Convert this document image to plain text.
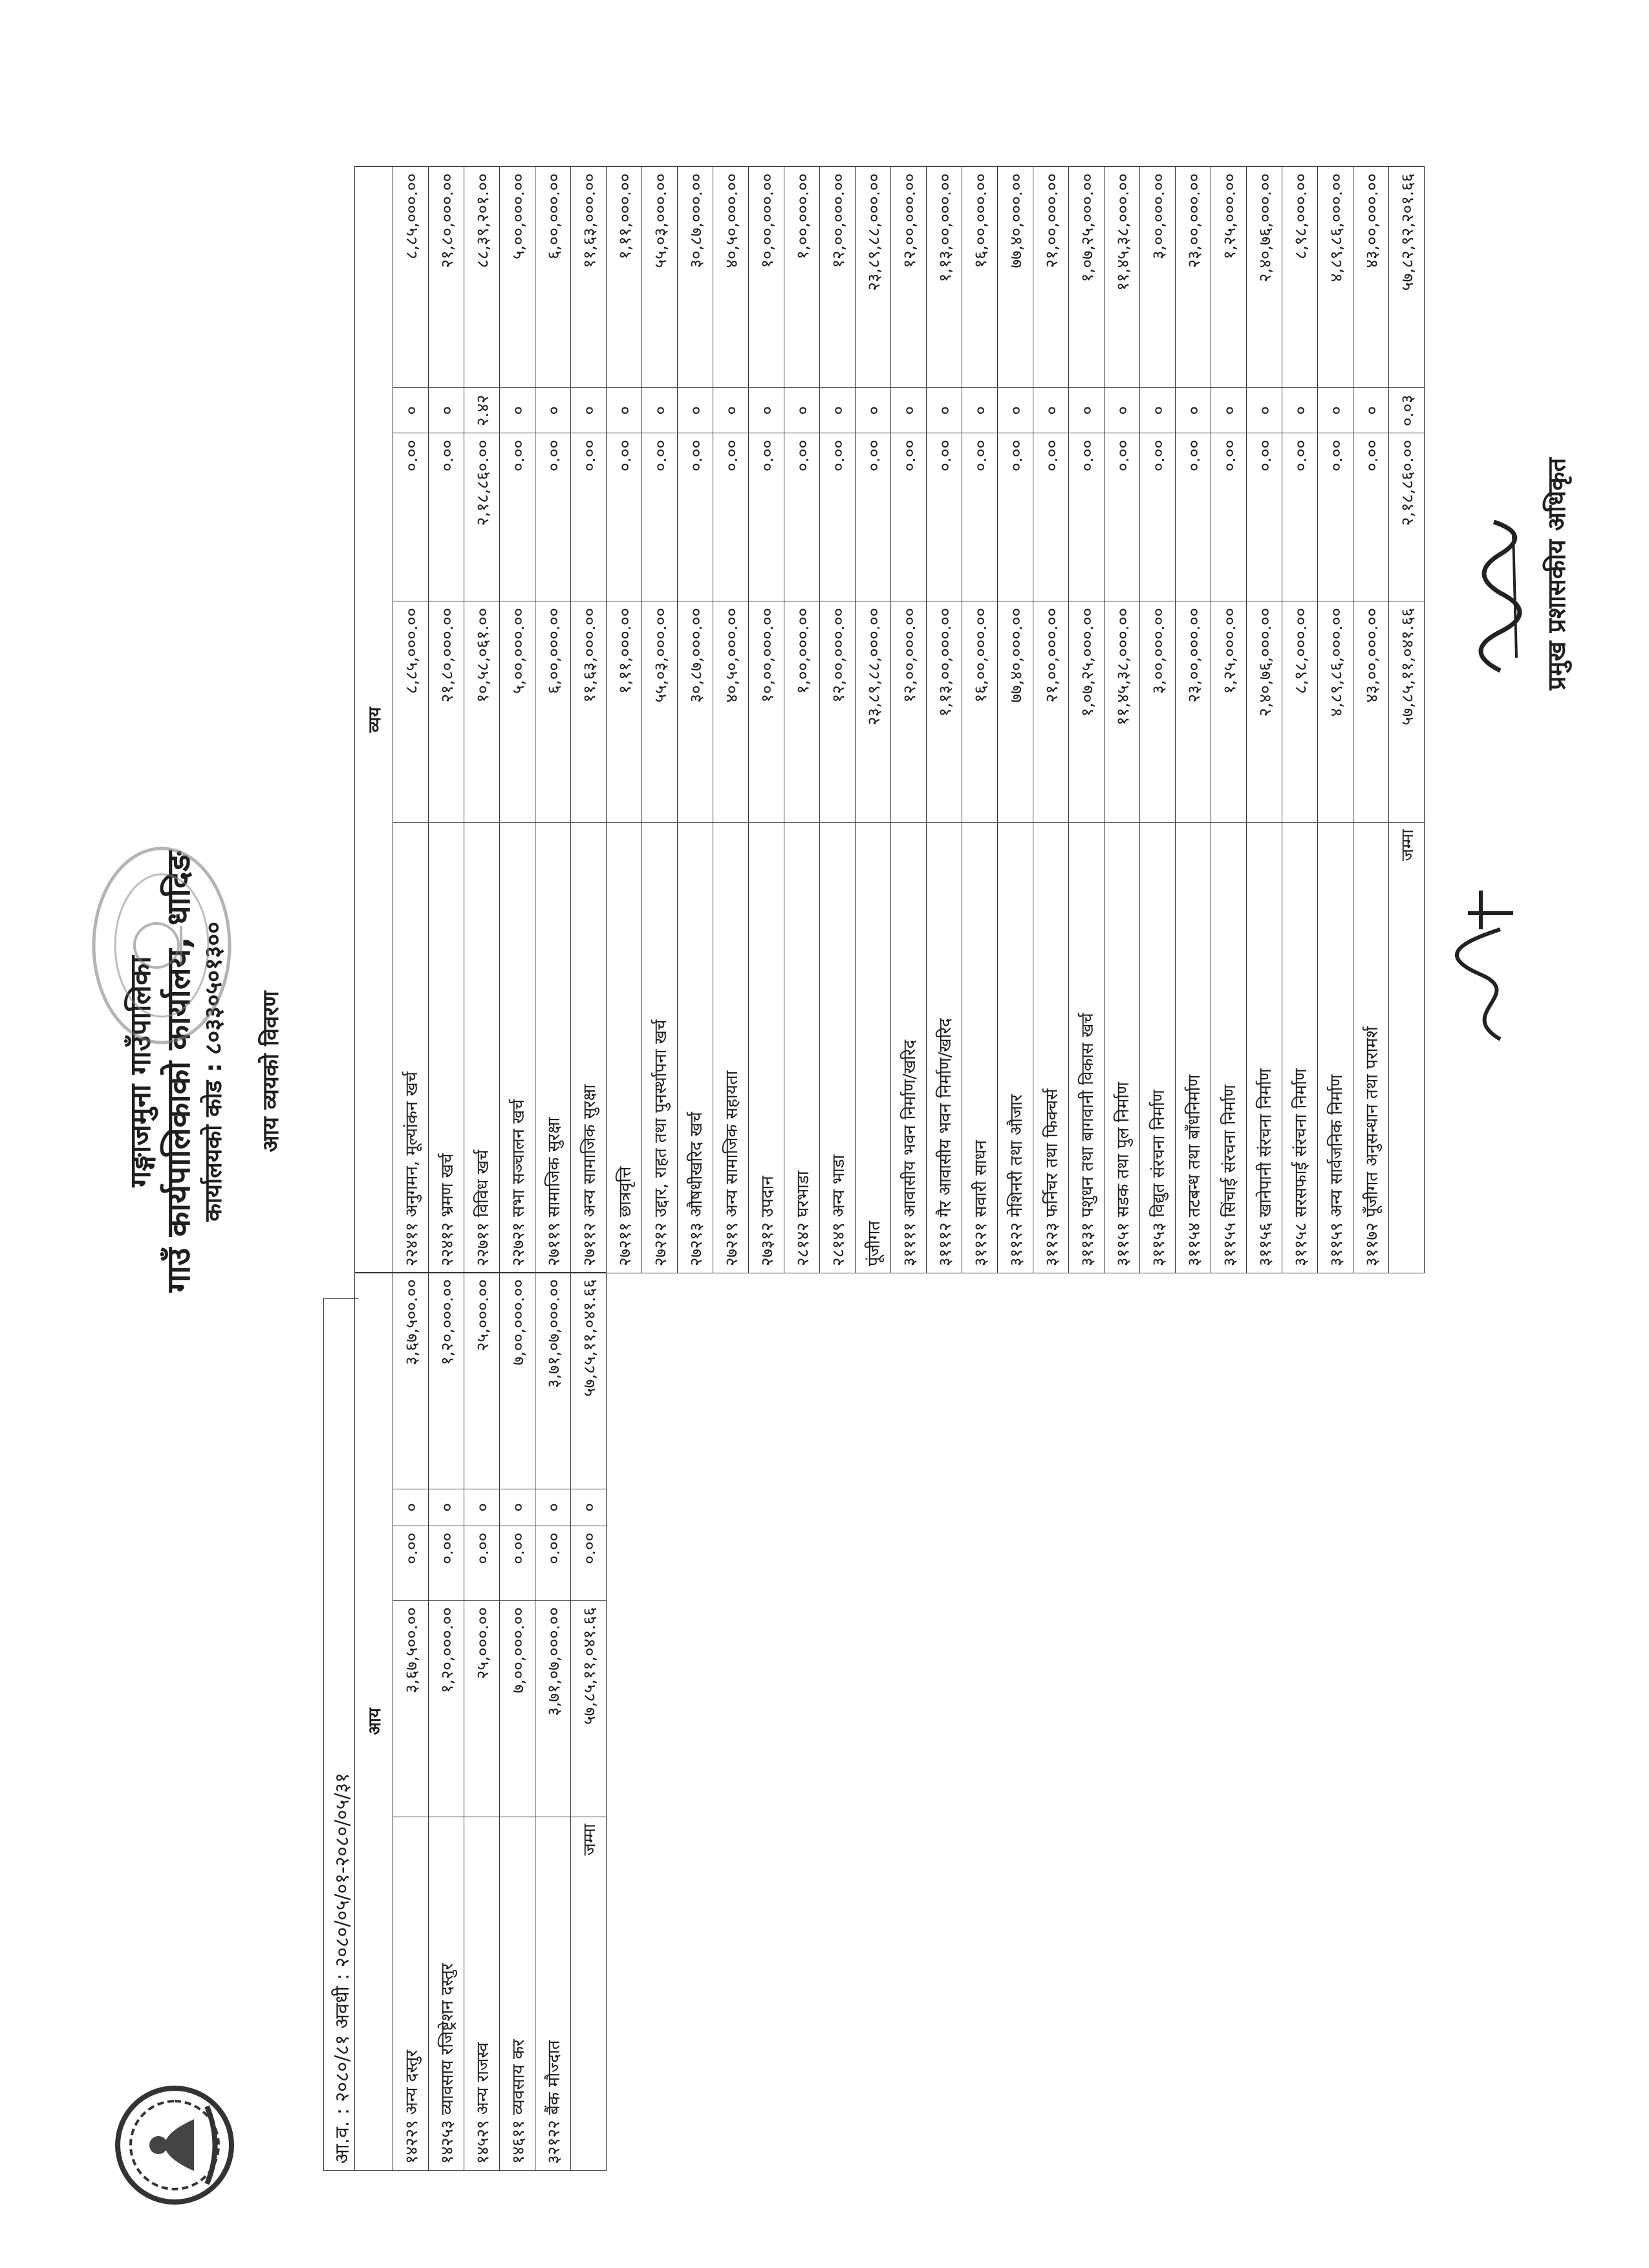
गङ्गाजमुना गाउँपालिका गाउँ कार्यपालिकाको कार्यालय, धादिङ कार्यालयको कोड : ८०३३०५०१३०० आय व्ययको विवरण
आ.व. : २०८०/८१ अवधी : २०८०/०५/०१-२०८०/०५/३१
आय				
१४२२९ अन्य दस्तुर	३,६७,५००.००	०.००	०	३,६७,५००.००
१४२५३ व्यावसाय रजिष्ट्रेशन दस्तुर	१,२०,०००.००	०.००	०	१,२०,०००.००
१४५२९ अन्य राजस्व	२५,०००.००	०.००	०	२५,०००.००
१४६११ व्यवसाय कर	७,००,०००.००	०.००	०	७,००,०००.००
३२१२२ बैंक मौज्दात	३,७१,०७,०००.००	०.००	०	३,७१,०७,०००.००
जम्मा	५७,८५,११,०४१.६६	०.००	०	५७,८५,११,०४१.६६
व्यय				
२२४११ अनुगमन, मूल्यांकन खर्च	८,८५,०००.००	०.००	०	८,८५,०००.००
२२४१२ भ्रमण खर्च	२१,८०,०००.००	०.००	०	२१,८०,०००.००
२२७११ विविध खर्च	१०,५८,०६१.००	२,१८,८६०.००	२.४२	८८,३९,२०१.००
२२७२१ सभा सञ्चालन खर्च	५,००,०००.००	०.००	०	५,००,०००.००
२७११९ सामाजिक सुरक्षा	६,००,०००.००	०.००	०	६,००,०००.००
२७११२ अन्य सामाजिक सुरक्षा	११,६३,०००.००	०.००	०	११,६३,०००.००
२७२११ छात्रवृत्ति	१,११,०००.००	०.००	०	१,११,०००.००
२७२१२ उद्दार, राहत तथा पुनर्स्थापना खर्च	५५,०३,०००.००	०.००	०	५५,०३,०००.००
२७२१३ औषधीखरिद खर्च	३०,८७,०००.००	०.००	०	३०,८७,०००.००
२७२१९ अन्य सामाजिक सहायता	४०,५०,०००.००	०.००	०	४०,५०,०००.००
२७३१२ उपदान	१०,००,०००.००	०.००	०	१०,००,०००.००
२८१४२ घरभाडा	१,००,०००.००	०.००	०	१,००,०००.००
२८१४९ अन्य भाडा	१२,००,०००.००	०.००	०	१२,००,०००.००
पूंजीगत	२३,८९,८८,०००.००	०.००	०	२३,८९,८८,०००.००
३११११ आवासीय भवन निर्माण/खरिद	१२,००,०००.००	०.००	०	१२,००,०००.००
३१११२ गैर आवासीय भवन निर्माण/खरिद	१,१३,००,०००.००	०.००	०	१,१३,००,०००.००
३११२१ सवारी साधन	१६,००,०००.००	०.००	०	१६,००,०००.००
३११२२ मेशिनरी तथा औजार	७७,४०,०००.००	०.००	०	७७,४०,०००.००
३११२३ फर्निचर तथा फिक्चर्स	२१,००,०००.००	०.००	०	२१,००,०००.००
३११३१ पशुधन तथा बागवानी विकास खर्च	१,०७,२५,०००.००	०.००	०	१,०७,२५,०००.००
३११५१ सडक तथा पुल निर्माण	११,४५,३८,०००.००	०.००	०	११,४५,३८,०००.००
३११५३ विद्युत संरचना निर्माण	३,००,०००.००	०.००	०	३,००,०००.००
३११५४ तटबन्ध तथा बाँधनिर्माण	२३,००,०००.००	०.००	०	२३,००,०००.००
३११५५ सिंचाई संरचना निर्माण	१,२५,०००.००	०.००	०	१,२५,०००.००
३११५६ खानेपानी संरचना निर्माण	२,४०,७६,०००.००	०.००	०	२,४०,७६,०००.००
३११५८ सरसफाई संरचना निर्माण	८,९८,०००.००	०.००	०	८,९८,०००.००
३११५९ अन्य सार्वजनिक निर्माण	४,८९,८६,०००.००	०.००	०	४,८९,८६,०००.००
३११७२ पूँजीगत अनुसन्धान तथा परामर्श	४३,००,०००.००	०.००	०	४३,००,०००.००
जम्मा	५७,८५,११,०४१.६६	२,१८,८६०.००	०.०३	५७,८२,९२,२०१.६६
प्रमुख प्रशासकीय अधिकृत
